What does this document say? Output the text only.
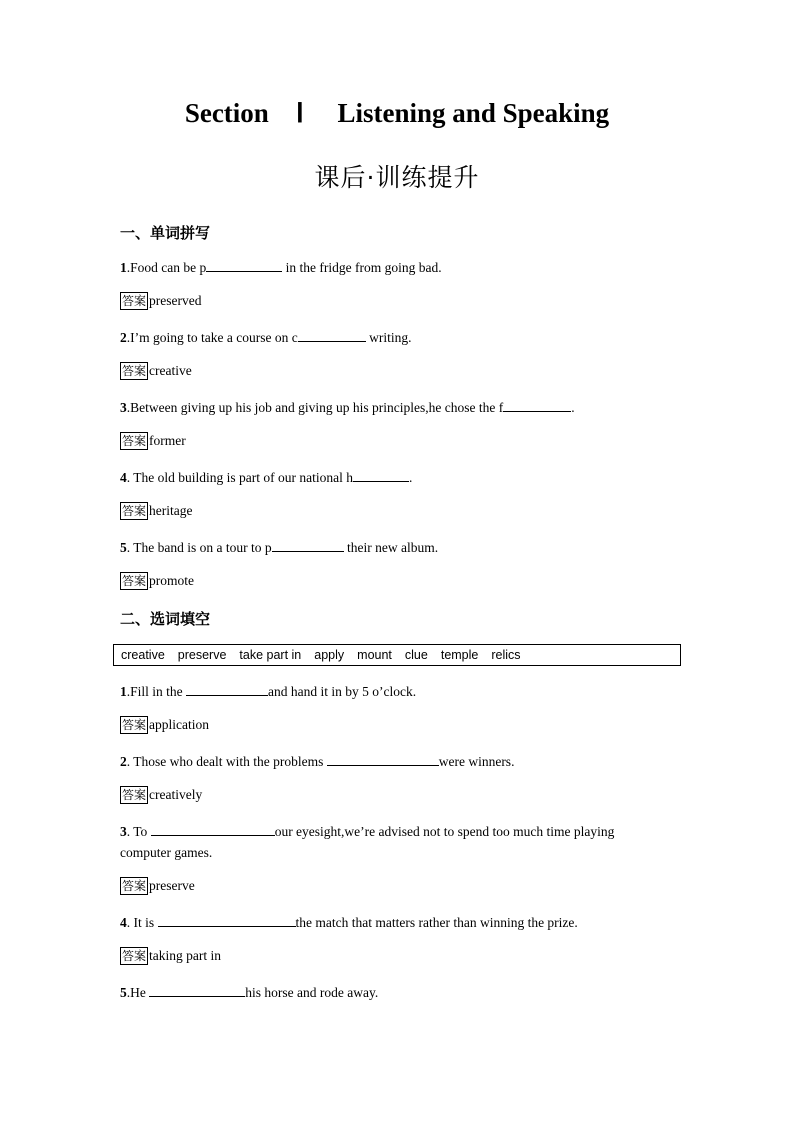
Section    Ⅰ     Listening and Speaking
课后·训练提升
一、单词拼写
1.Food can be p	in the fridge from going bad.
答案 preserved
2.I’m going to take a course on c	writing.
答案 creative
3.Between giving up his job and giving up his principles,he chose the f	.
答案 former
4. The old building is part of our national h	.
答案 heritage
5. The band is on a tour to p	their new album.
答案 promote
二、选词填空
creative preserve take part in apply mount clue temple relics
1.Fill in the	and hand it in by 5 o’clock.
答案 application
2. Those who dealt with the problems	were winners.
答案 creatively
3. To	our eyesight,we’re advised not to spend too much time playing computer games.
答案 preserve
4. It is	the match that matters rather than winning the prize.
答案 taking part in
5.He	his horse and rode away.
